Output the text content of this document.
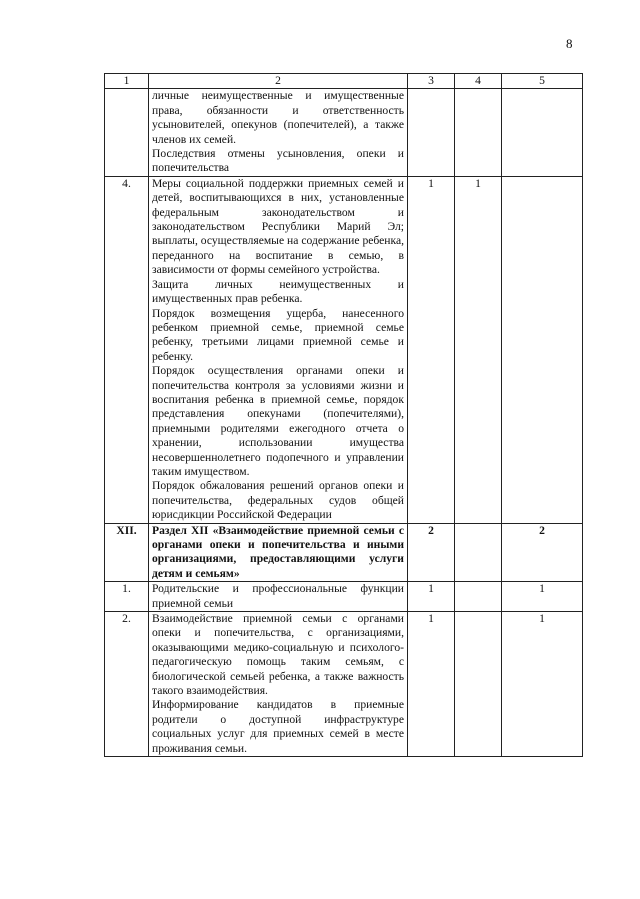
8
1	2	3	4	5

	личные неимущественные и имущественные права, обязанности и ответственность усыновителей, опекунов (попечителей), а также членов их семей.

Последствия отмены усыновления, опеки и попечительства			

4.	Меры социальной поддержки приемных семей и детей, воспитывающихся в них, установленные федеральным законодательством и законодательством Республики Марий Эл; выплаты, осуществляемые на содержание ребенка, переданного на воспитание в семью, в зависимости от формы семейного устройства.

Защита личных неимущественных и имущественных прав ребенка.

Порядок возмещения ущерба, нанесенного ребенком приемной семье, приемной семье ребенку, третьими лицами приемной семье и ребенку.

Порядок осуществления органами опеки и попечительства контроля за условиями жизни и воспитания ребенка в приемной семье, порядок представления опекунами (попечителями), приемными родителями ежегодного отчета о хранении, использовании имущества несовершеннолетнего подопечного и управлении таким имуществом.

Порядок обжалования решений органов опеки и попечительства, федеральных судов общей юрисдикции Российской Федерации	1	1	
XII.	Раздел XII «Взаимодействие приемной семьи с органами опеки и попечительства и иными организациями, предоставляющими услуги детям и семьям»	2		2
1.	Родительские и профессиональные функции приемной семьи	1		1
2.	Взаимодействие приемной семьи с органами опеки и попечительства, с организациями, оказывающими медико-социальную и психолого-педагогическую помощь таким семьям, с биологической семьей ребенка, а также важность такого взаимодействия.

Информирование кандидатов в приемные родители о доступной инфраструктуре социальных услуг для приемных семей в месте проживания семьи.	1		1
